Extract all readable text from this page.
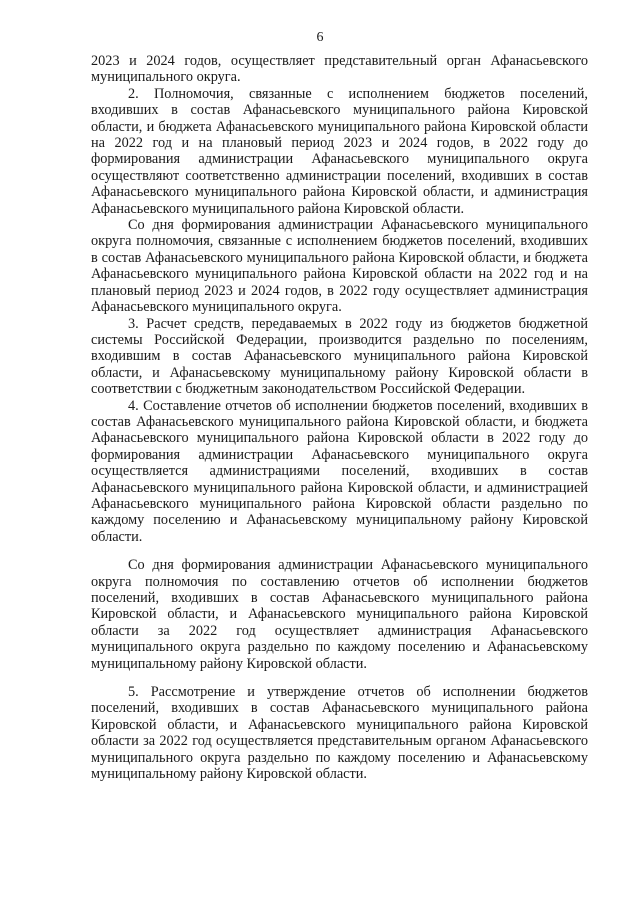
6

2023 и 2024 годов, осуществляет представительный орган Афанасьевского муниципального округа.

2. Полномочия, связанные с исполнением бюджетов поселений, входивших в состав Афанасьевского муниципального района Кировской области, и бюджета Афанасьевского муниципального района Кировской области на 2022 год и на плановый период 2023 и 2024 годов, в 2022 году до формирования администрации Афанасьевского муниципального округа осуществляют соответственно администрации поселений, входивших в состав Афанасьевского муниципального района Кировской области, и администрация Афанасьевского муниципального района Кировской области.

Со дня формирования администрации Афанасьевского муниципального округа полномочия, связанные с исполнением бюджетов поселений, входивших в состав Афанасьевского муниципального района Кировской области, и бюджета Афанасьевского муниципального района Кировской области на 2022 год и на плановый период 2023 и 2024 годов, в 2022 году осуществляет администрация Афанасьевского муниципального округа.

3. Расчет средств, передаваемых в 2022 году из бюджетов бюджетной системы Российской Федерации, производится раздельно по поселениям, входившим в состав Афанасьевского муниципального района Кировской области, и Афанасьевскому муниципальному району Кировской области в соответствии с бюджетным законодательством Российской Федерации.

4. Составление отчетов об исполнении бюджетов поселений, входивших в состав Афанасьевского муниципального района Кировской области, и бюджета Афанасьевского муниципального района Кировской области в 2022 году до формирования администрации Афанасьевского муниципального округа осуществляется администрациями поселений, входивших в состав Афанасьевского муниципального района Кировской области, и администрацией Афанасьевского муниципального района Кировской области раздельно по каждому поселению и Афанасьевскому муниципальному району Кировской области.

Со дня формирования администрации Афанасьевского муниципального округа полномочия по составлению отчетов об исполнении бюджетов поселений, входивших в состав Афанасьевского муниципального района Кировской области, и Афанасьевского муниципального района Кировской области за 2022 год осуществляет администрация Афанасьевского муниципального округа раздельно по каждому поселению и Афанасьевскому муниципальному району Кировской области.

5. Рассмотрение и утверждение отчетов об исполнении бюджетов поселений, входивших в состав Афанасьевского муниципального района Кировской области, и Афанасьевского муниципального района Кировской области за 2022 год осуществляется представительным органом Афанасьевского муниципального округа раздельно по каждому поселению и Афанасьевскому муниципальному району Кировской области.
